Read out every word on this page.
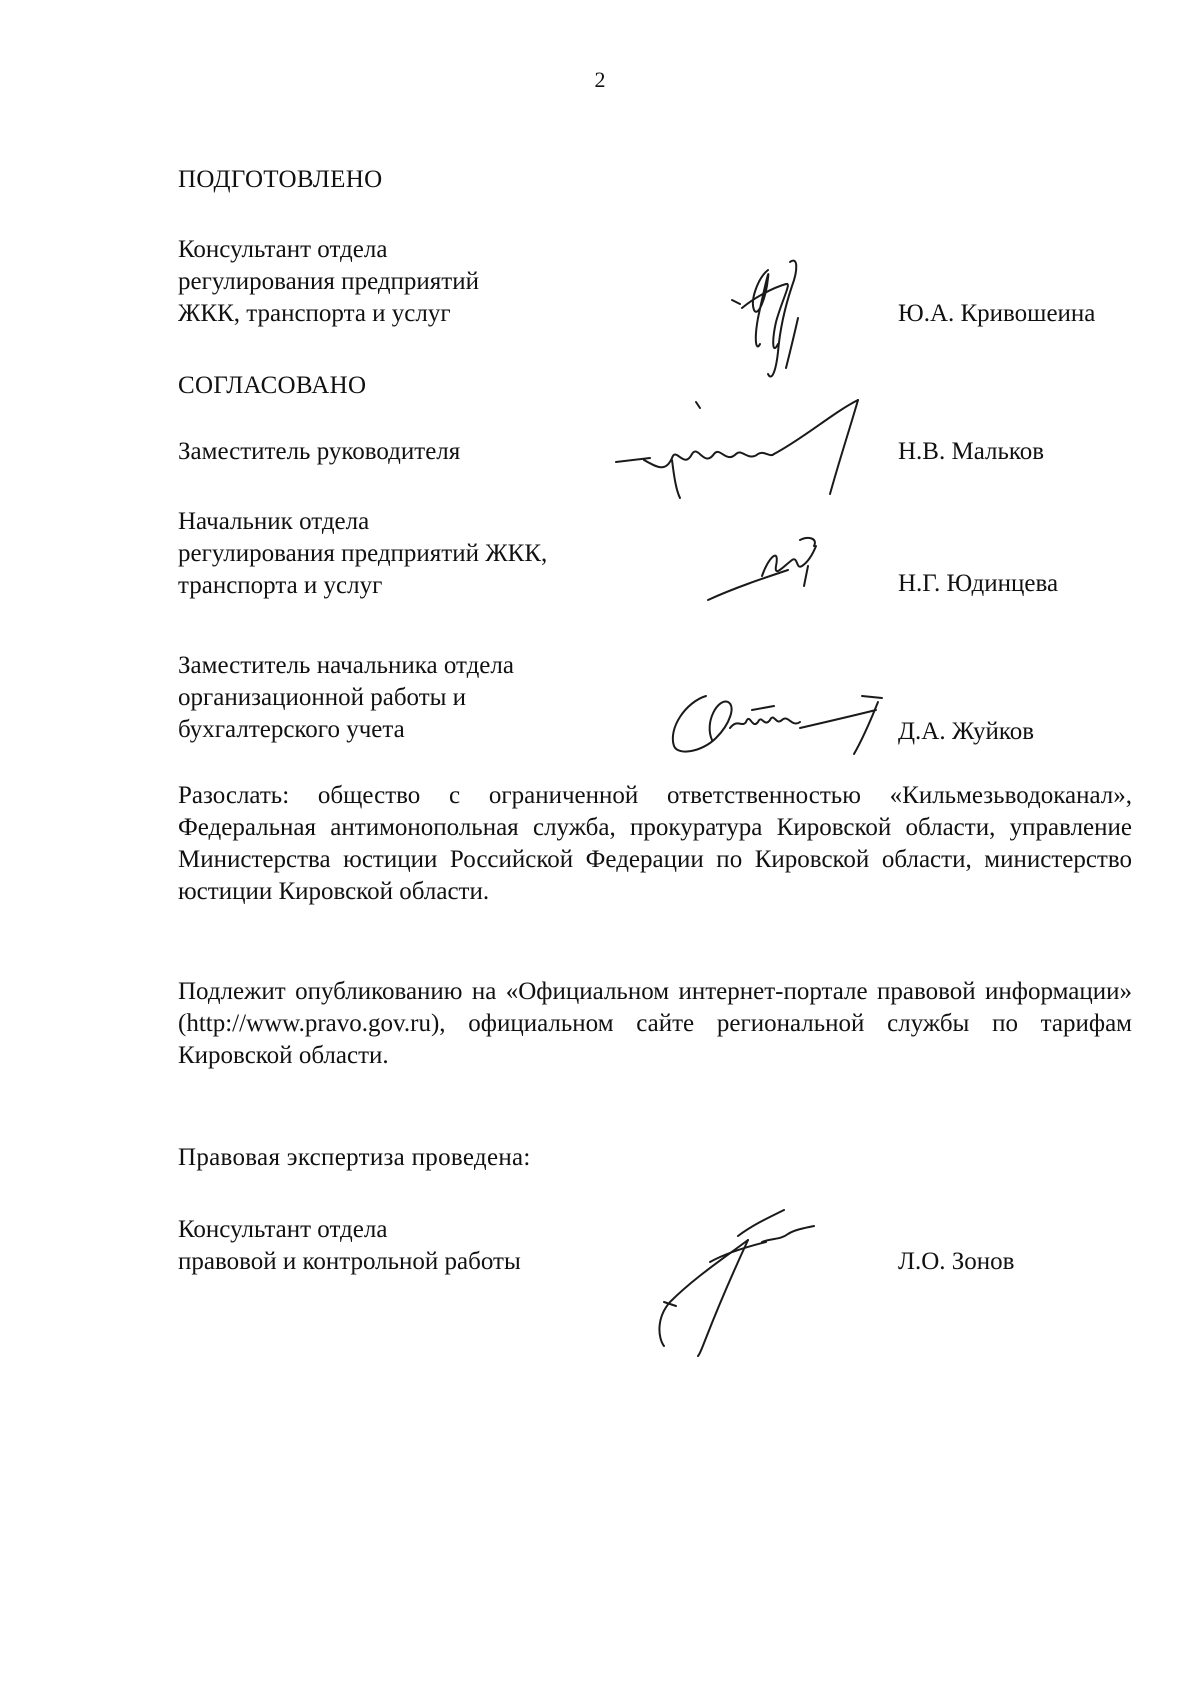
2
ПОДГОТОВЛЕНО
Консультант отдела
регулирования предприятий
ЖКК, транспорта и услуг	Ю.А. Кривошеина
СОГЛАСОВАНО
Заместитель руководителя	Н.В. Мальков
Начальник отдела
регулирования предприятий ЖКК,
транспорта и услуг	Н.Г. Юдинцева
Заместитель начальника отдела
организационной работы и
бухгалтерского учета	Д.А. Жуйков
Разослать: общество с ограниченной ответственностью «Кильмезьводоканал», Федеральная антимонопольная служба, прокуратура Кировской области, управление Министерства юстиции Российской Федерации по Кировской области, министерство юстиции Кировской области.
Подлежит опубликованию на «Официальном интернет-портале правовой информации» (http://www.pravo.gov.ru), официальном сайте региональной службы по тарифам Кировской области.
Правовая экспертиза проведена:
Консультант отдела
правовой и контрольной работы	Л.О. Зонов
